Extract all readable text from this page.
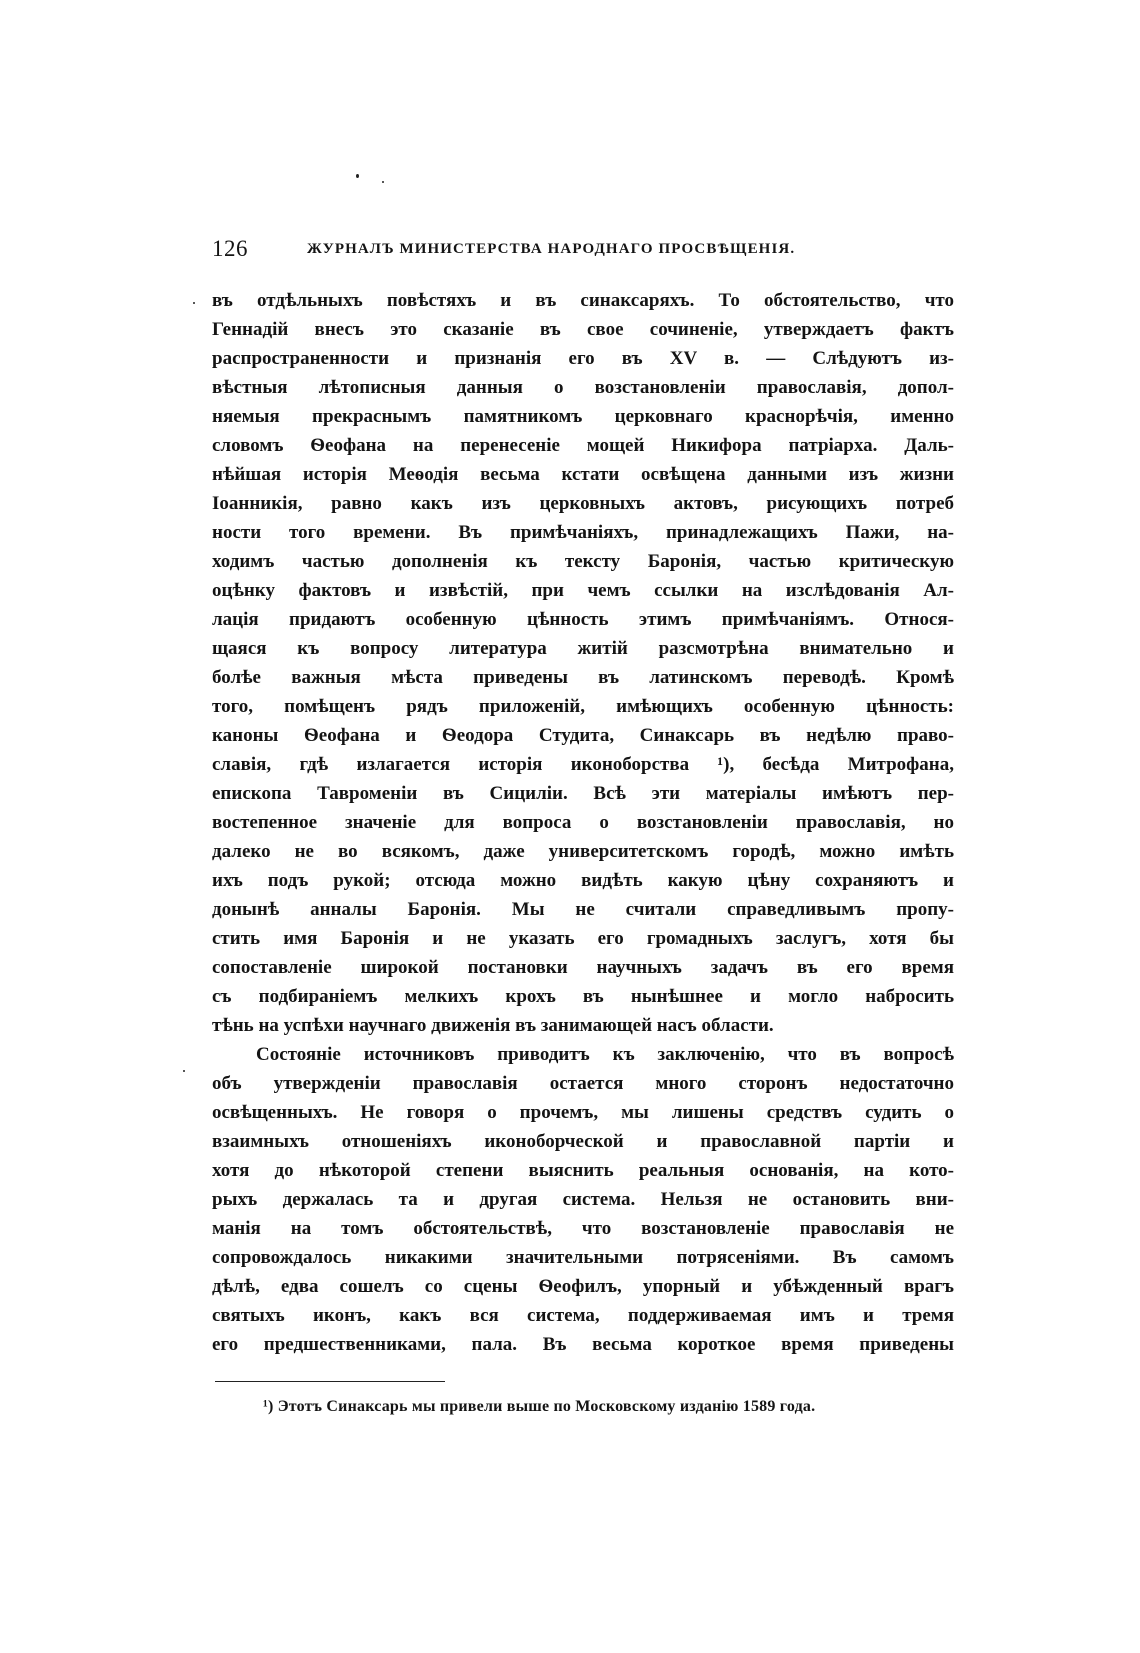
126	ЖУРНАЛЪ МИНИСТЕРСТВА НАРОДНАГО ПРОСВѢЩЕНІЯ.
въ отдѣльныхъ повѣстяхъ и въ синаксаряхъ. То обстоятельство, что
Геннадій внесъ это сказаніе въ свое сочиненіе, утверждаетъ фактъ
распространенности и признанія его въ XV в. — Слѣдуютъ из-
вѣстныя лѣтописныя данныя о возстановленіи православія, допол-
няемыя прекраснымъ памятникомъ церковнаго краснорѣчія, именно
словомъ Ѳеофана на перенесеніе мощей Никифора патріарха. Даль-
нѣйшая исторія Меѳодія весьма кстати освѣщена данными изъ жизни
Іоанникія, равно какъ изъ церковныхъ актовъ, рисующихъ потреб
ности того времени. Въ примѣчаніяхъ, принадлежащихъ Пажи, на-
ходимъ частью дополненія къ тексту Баронія, частью критическую
оцѣнку фактовъ и извѣстій, при чемъ ссылки на изслѣдованія Ал-
лація придаютъ особенную цѣнность этимъ примѣчаніямъ. Относя-
щаяся къ вопросу литература житій разсмотрѣна внимательно и
болѣе важныя мѣста приведены въ латинскомъ переводѣ. Кромѣ
того, помѣщенъ рядъ приложеній, имѣющихъ особенную цѣнность:
каноны Ѳеофана и Ѳеодора Студита, Синаксарь въ недѣлю право-
славія, гдѣ излагается исторія иконоборства ¹), бесѣда Митрофана,
епископа Тавроменіи въ Сициліи. Всѣ эти матеріалы имѣютъ пер-
востепенное значеніе для вопроса о возстановленіи православія, но
далеко не во всякомъ, даже университетскомъ городѣ, можно имѣть
ихъ подъ рукой; отсюда можно видѣть какую цѣну сохраняютъ и
донынѣ анналы Баронія. Мы не считали справедливымъ пропу-
стить имя Баронія и не указать его громадныхъ заслугъ, хотя бы
сопоставленіе широкой постановки научныхъ задачъ въ его время
съ подбираніемъ мелкихъ крохъ въ нынѣшнее и могло набросить
тѣнь на успѣхи научнаго движенія въ занимающей насъ области.
Состояніе источниковъ приводитъ къ заключенію, что въ вопросѣ
объ утвержденіи православія остается много сторонъ недостаточно
освѣщенныхъ. Не говоря о прочемъ, мы лишены средствъ судить о
взаимныхъ отношеніяхъ иконоборческой и православной партіи и
хотя до нѣкоторой степени выяснить реальныя основанія, на кото-
рыхъ держалась та и другая система. Нельзя не остановить вни-
манія на томъ обстоятельствѣ, что возстановленіе православія не
сопровождалось никакими значительными потрясеніями. Въ самомъ
дѣлѣ, едва сошелъ со сцены Ѳеофилъ, упорный и убѣжденный врагъ
святыхъ иконъ, какъ вся система, поддерживаемая имъ и тремя
его предшественниками, пала. Въ весьма короткое время приведены
¹) Этотъ Синаксарь мы привели выше по Московскому изданію 1589 года.
